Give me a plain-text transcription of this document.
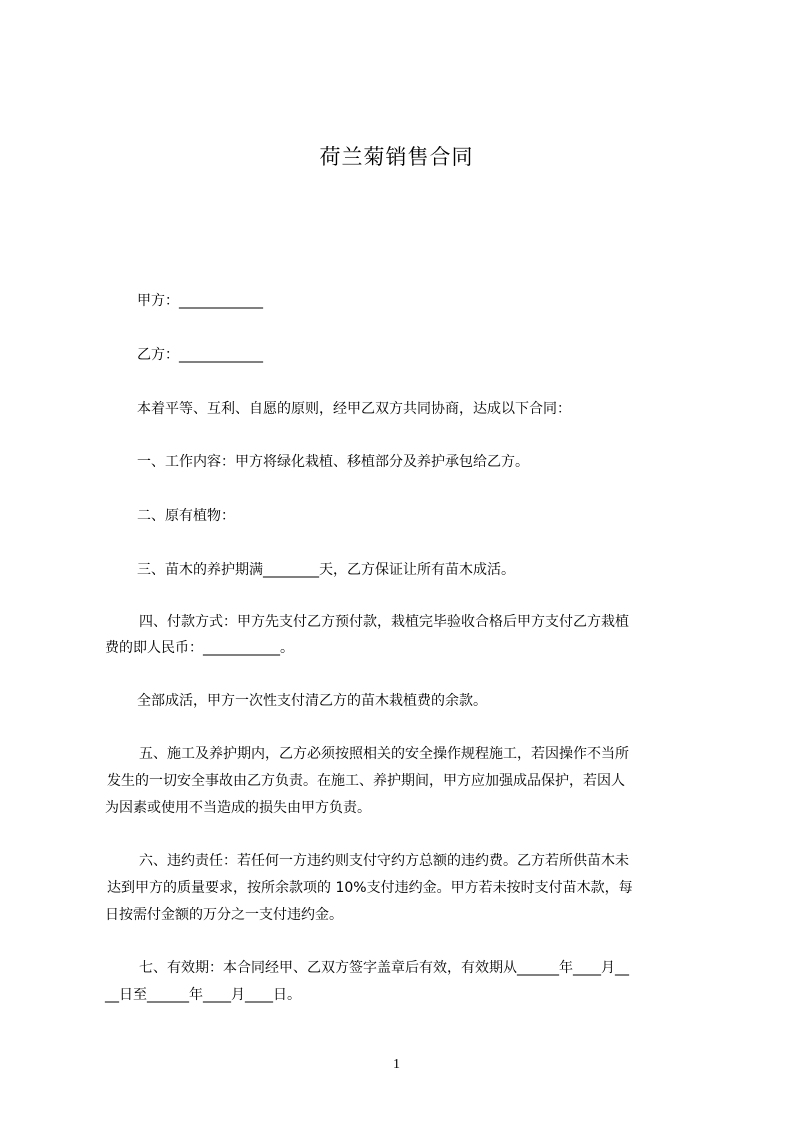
荷兰菊销售合同
甲方：____________
乙方：____________
本着平等、互利、自愿的原则，经甲乙双方共同协商，达成以下合同：
一、工作内容：甲方将绿化栽植、移植部分及养护承包给乙方。
二、原有植物：
三、苗木的养护期满________天，乙方保证让所有苗木成活。
四、付款方式：甲方先支付乙方预付款，栽植完毕验收合格后甲方支付乙方栽植
费的即人民币：___________。
全部成活，甲方一次性支付清乙方的苗木栽植费的余款。
五、施工及养护期内，乙方必须按照相关的安全操作规程施工，若因操作不当所
发生的一切安全事故由乙方负责。在施工、养护期间，甲方应加强成品保护，若因人
为因素或使用不当造成的损失由甲方负责。
六、违约责任：若任何一方违约则支付守约方总额的违约费。乙方若所供苗木未
达到甲方的质量要求，按所余款项的 10%支付违约金。甲方若未按时支付苗木款，每
日按需付金额的万分之一支付违约金。
七、有效期：本合同经甲、乙双方签字盖章后有效，有效期从______年____月__
__日至______年____月____日。
1
